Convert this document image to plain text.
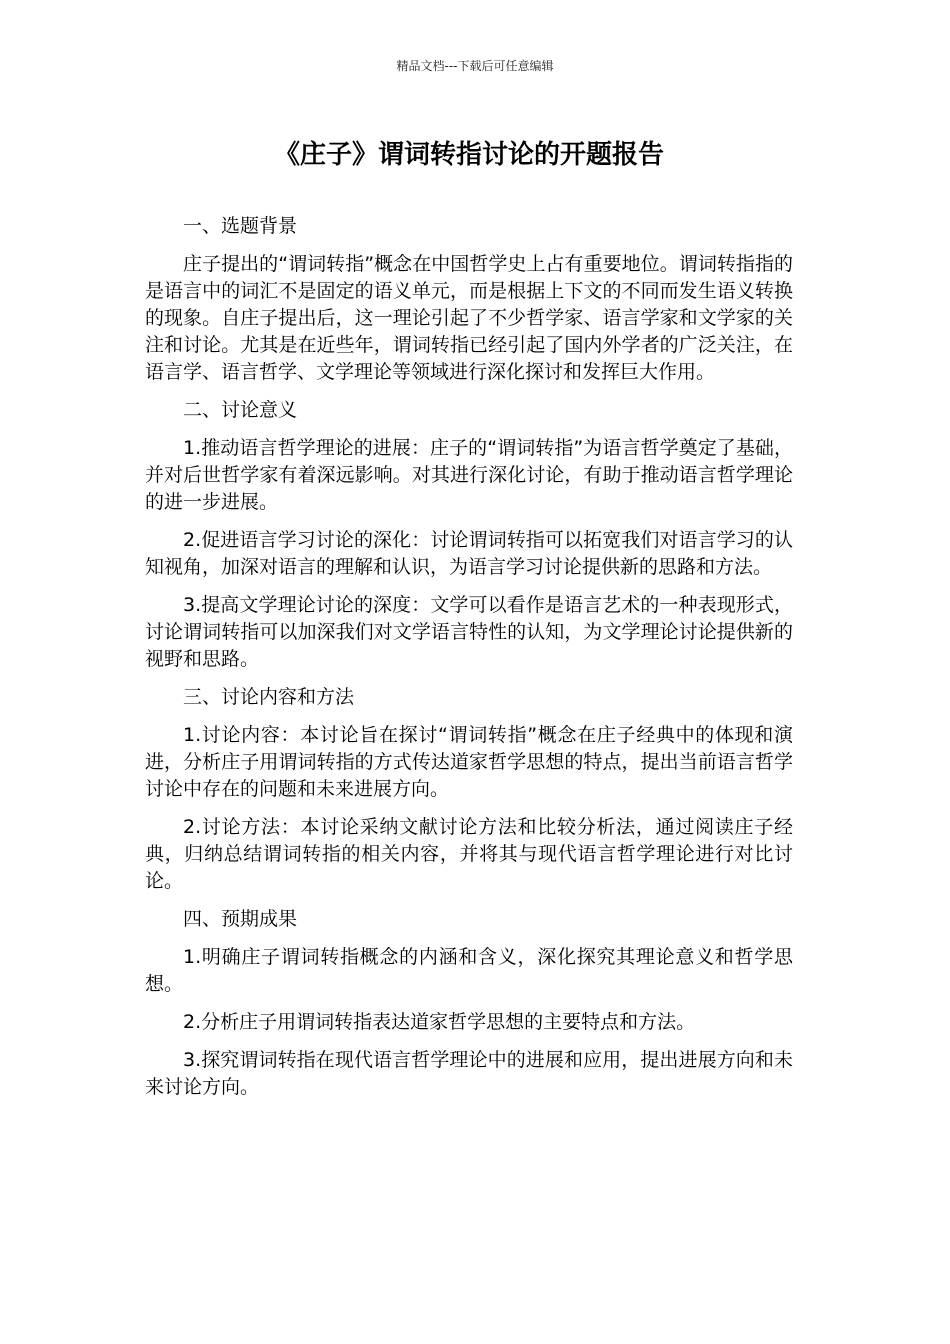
精品文档---下载后可任意编辑
《庄子》谓词转指讨论的开题报告

一、选题背景

庄子提出的“谓词转指”概念在中国哲学史上占有重要地位。谓词转指指的是语言中的词汇不是固定的语义单元，而是根据上下文的不同而发生语义转换的现象。自庄子提出后，这一理论引起了不少哲学家、语言学家和文学家的关注和讨论。尤其是在近些年，谓词转指已经引起了国内外学者的广泛关注，在语言学、语言哲学、文学理论等领域进行深化探讨和发挥巨大作用。

二、讨论意义

1.推动语言哲学理论的进展：庄子的“谓词转指”为语言哲学奠定了基础，并对后世哲学家有着深远影响。对其进行深化讨论，有助于推动语言哲学理论的进一步进展。

2.促进语言学习讨论的深化：讨论谓词转指可以拓宽我们对语言学习的认知视角，加深对语言的理解和认识，为语言学习讨论提供新的思路和方法。

3.提高文学理论讨论的深度：文学可以看作是语言艺术的一种表现形式，讨论谓词转指可以加深我们对文学语言特性的认知，为文学理论讨论提供新的视野和思路。

三、讨论内容和方法

1.讨论内容：本讨论旨在探讨“谓词转指”概念在庄子经典中的体现和演进，分析庄子用谓词转指的方式传达道家哲学思想的特点，提出当前语言哲学讨论中存在的问题和未来进展方向。

2.讨论方法：本讨论采纳文献讨论方法和比较分析法，通过阅读庄子经典，归纳总结谓词转指的相关内容，并将其与现代语言哲学理论进行对比讨论。

四、预期成果

1.明确庄子谓词转指概念的内涵和含义，深化探究其理论意义和哲学思想。

2.分析庄子用谓词转指表达道家哲学思想的主要特点和方法。

3.探究谓词转指在现代语言哲学理论中的进展和应用，提出进展方向和未来讨论方向。
